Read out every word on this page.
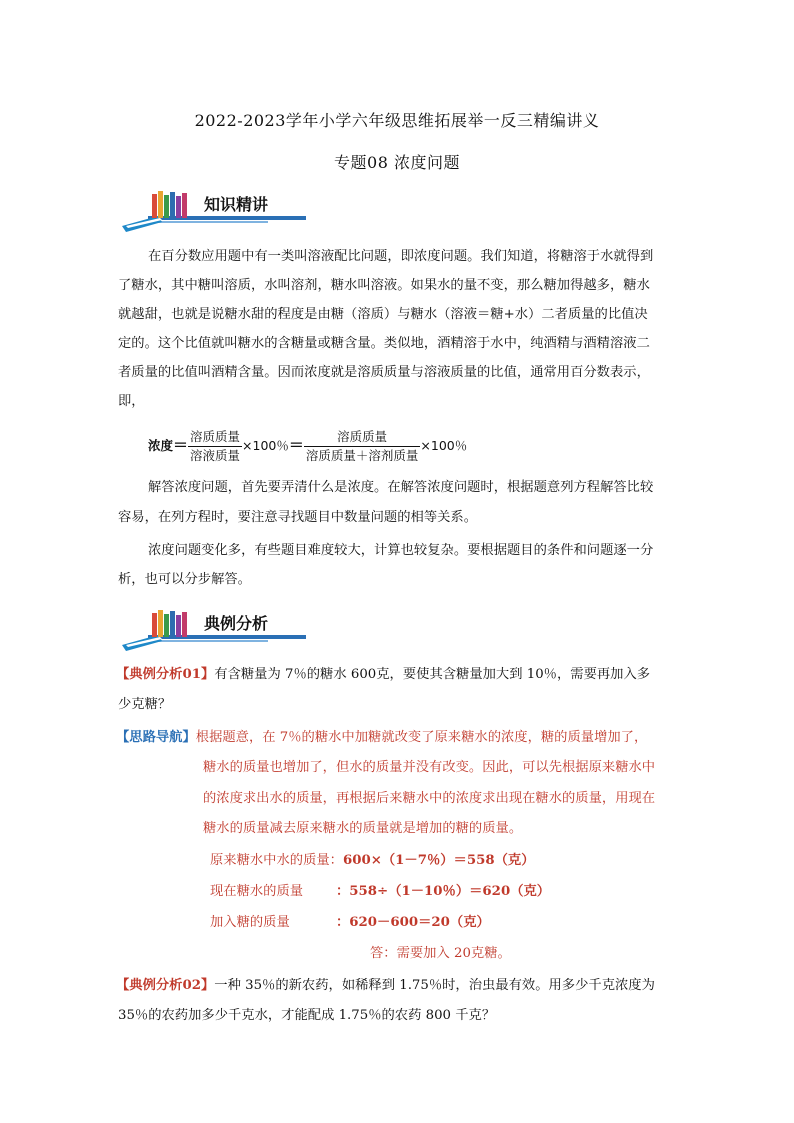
2022-2023学年小学六年级思维拓展举一反三精编讲义
专题08 浓度问题
知识精讲
在百分数应用题中有一类叫溶液配比问题，即浓度问题。我们知道，将糖溶于水就得到
了糖水，其中糖叫溶质，水叫溶剂，糖水叫溶液。如果水的量不变，那么糖加得越多，糖水
就越甜，也就是说糖水甜的程度是由糖（溶质）与糖水（溶液＝糖+水）二者质量的比值决
定的。这个比值就叫糖水的含糖量或糖含量。类似地，酒精溶于水中，纯酒精与酒精溶液二
者质量的比值叫酒精含量。因而浓度就是溶质质量与溶液质量的比值，通常用百分数表示，
即，
浓度＝ $\frac{\text{溶质质量}}{\text{溶液质量}} \times 100$％＝ $\frac{\text{溶质质量}}{\text{溶质质量＋溶剂质量}} \times 100$％
解答浓度问题，首先要弄清什么是浓度。在解答浓度问题时，根据题意列方程解答比较
容易，在列方程时，要注意寻找题目中数量问题的相等关系。
浓度问题变化多，有些题目难度较大，计算也较复杂。要根据题目的条件和问题逐一分
析，也可以分步解答。
典例分析
【典例分析01】有含糖量为 7％的糖水 600克，要使其含糖量加大到 10％，需要再加入多
少克糖？
【思路导航】根据题意，在 7％的糖水中加糖就改变了原来糖水的浓度，糖的质量增加了，
糖水的质量也增加了，但水的质量并没有改变。因此，可以先根据原来糖水中
的浓度求出水的质量，再根据后来糖水中的浓度求出现在糖水的质量，用现在
糖水的质量减去原来糖水的质量就是增加的糖的质量。
原来糖水中水的质量：600×（1－7％）＝558（克）
现在糖水的质量 ：558÷（1－10％）＝620（克）
加入糖的质量	：620－600＝20（克）
答：需要加入 20克糖。
【典例分析02】一种 35％的新农药，如稀释到 1.75％时，治虫最有效。用多少千克浓度为
35％的农药加多少千克水，才能配成 1.75％的农药 800 千克？
